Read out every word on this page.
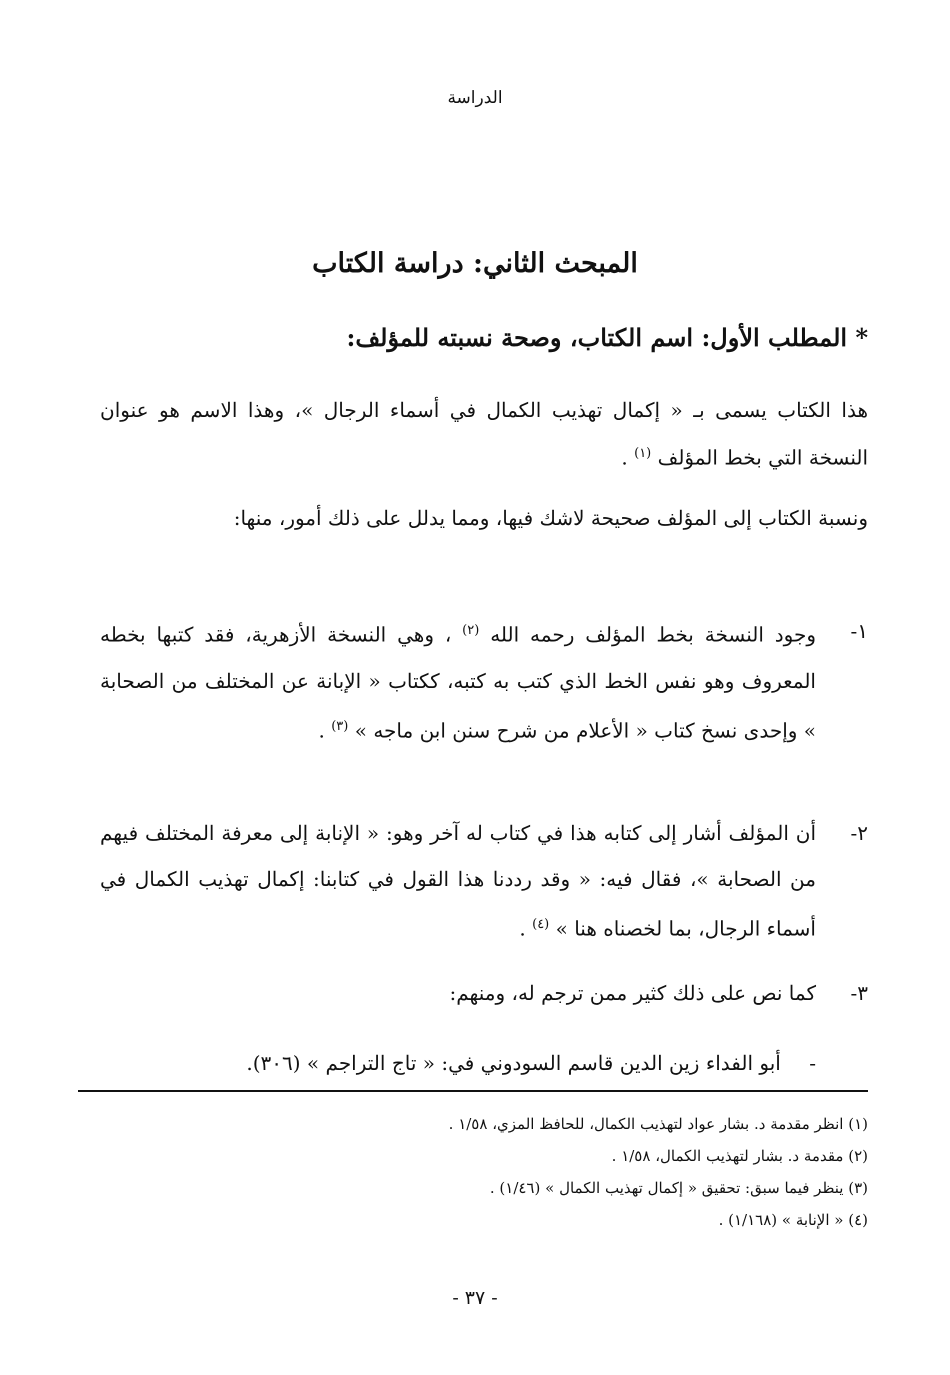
الدراسة
المبحث الثاني: دراسة الكتاب
* المطلب الأول: اسم الكتاب، وصحة نسبته للمؤلف:
هذا الكتاب يسمى بـ « إكمال تهذيب الكمال في أسماء الرجال »، وهذا الاسم هو عنوان النسخة التي بخط المؤلف $^{(١)}$ .
ونسبة الكتاب إلى المؤلف صحيحة لاشك فيها، ومما يدلل على ذلك أمور، منها:
١-
وجود النسخة بخط المؤلف رحمه الله $^{(٢)}$ ، وهي النسخة الأزهرية، فقد كتبها بخطه المعروف وهو نفس الخط الذي كتب به كتبه، ككتاب « الإبانة عن المختلف من الصحابة » وإحدى نسخ كتاب « الأعلام من شرح سنن ابن ماجه » $^{(٣)}$ .
٢-
أن المؤلف أشار إلى كتابه هذا في كتاب له آخر وهو: « الإنابة إلى معرفة المختلف فيهم من الصحابة »، فقال فيه: « وقد رددنا هذا القول في كتابنا: إكمال تهذيب الكمال في أسماء الرجال، بما لخصناه هنا » $^{(٤)}$ .
٣-
كما نص على ذلك كثير ممن ترجم له، ومنهم:
- أبو الفداء زين الدين قاسم السودوني في: « تاج التراجم » (٣٠٦).
(١) انظر مقدمة د. بشار عواد لتهذيب الكمال، للحافظ المزي، ١/٥٨ .
(٢) مقدمة د. بشار لتهذيب الكمال، ١/٥٨ .
(٣) ينظر فيما سبق: تحقيق « إكمال تهذيب الكمال » (١/٤٦) .
(٤) « الإنابة » (١/١٦٨) .
- ٣٧ -
